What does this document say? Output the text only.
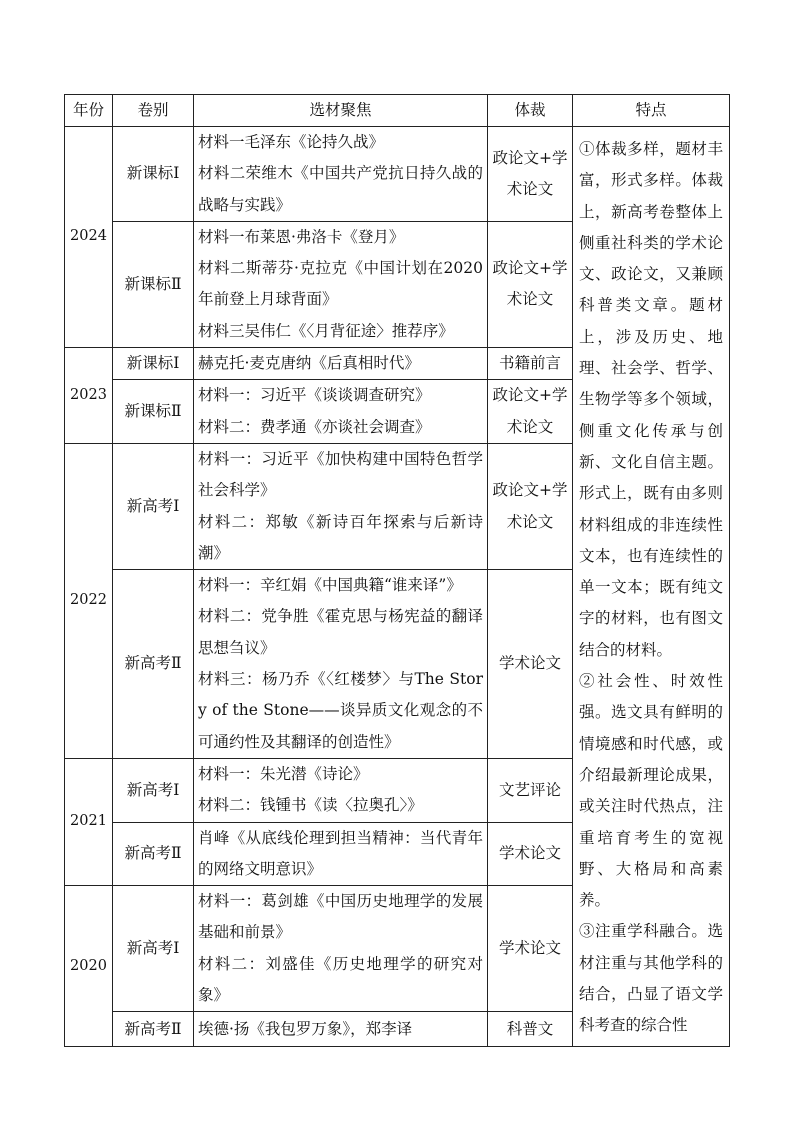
年份	卷别	选材聚焦	体裁	特点
2024	新课标Ⅰ	材料一毛泽东《论持久战》
材料二荣维木《中国共产党抗日持久战的战略与实践》	政论文+学术论文	①体裁多样，题材丰富，形式多样。体裁上，新高考卷整体上侧重社科类的学术论文、政论文，又兼顾科普类文章。题材上，涉及历史、地理、社会学、哲学、生物学等多个领域，侧重文化传承与创新、文化自信主题。形式上，既有由多则材料组成的非连续性文本，也有连续性的单一文本；既有纯文字的材料，也有图文结合的材料。
②社会性、时效性强。选文具有鲜明的情境感和时代感，或介绍最新理论成果，或关注时代热点，注重培育考生的宽视野、大格局和高素养。
③注重学科融合。选材注重与其他学科的结合，凸显了语文学科考查的综合性

	新课标Ⅱ	材料一布莱恩·弗洛卡《登月》
材料二斯蒂芬·克拉克《中国计划在2020年前登上月球背面》
材料三吴伟仁《〈月背征途〉推荐序》	政论文+学术论文	
2023	新课标Ⅰ	赫克托·麦克唐纳《后真相时代》	书籍前言	
	新课标Ⅱ	材料一：习近平《谈谈调查研究》
材料二：费孝通《亦谈社会调查》	政论文+学术论文	
2022	新高考Ⅰ	材料一：习近平《加快构建中国特色哲学社会科学》
材料二：郑敏《新诗百年探索与后新诗潮》	政论文+学术论文	
	新高考Ⅱ	材料一：辛红娟《中国典籍“谁来译”》
材料二：党争胜《霍克思与杨宪益的翻译思想刍议》
材料三：杨乃乔《〈红楼梦〉与The Story of the Stone——谈异质文化观念的不可通约性及其翻译的创造性》	学术论文	
2021	新高考Ⅰ	材料一：朱光潜《诗论》
材料二：钱锺书《读〈拉奥孔〉》	文艺评论	
	新高考Ⅱ	肖峰《从底线伦理到担当精神：当代青年的网络文明意识》	学术论文	
2020	新高考Ⅰ	材料一：葛剑雄《中国历史地理学的发展基础和前景》
材料二：刘盛佳《历史地理学的研究对象》	学术论文	
	新高考Ⅱ	埃德·扬《我包罗万象》，郑李译	科普文	
